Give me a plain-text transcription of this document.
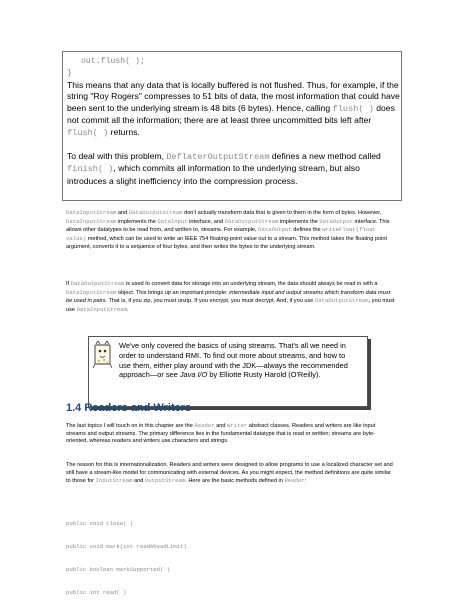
out.flush( );
}

This means that any data that is locally buffered is not flushed. Thus, for example, if the string "Roy Rogers" compresses to 51 bits of data, the most information that could have been sent to the underlying stream is 48 bits (6 bytes). Hence, calling flush( ) does not commit all the information; there are at least three uncommitted bits left after flush( ) returns.

To deal with this problem, DeflaterOutputStream defines a new method called finish( ), which commits all information to the underlying stream, but also introduces a slight inefficiency into the compression process.

DataInputStream and DataOutputStream don't actually transform data that is given to them in the form of bytes. However, DataInputStream implements the DataInput interface, and DataOutputStream implements the DataOutput interface. This allows other datatypes to be read from, and written to, streams. For example, DataOutput defines the writeFloat(float value) method, which can be used to write an IEEE 754 floating-point value out to a stream. This method takes the floating point argument, converts it to a sequence of four bytes, and then writes the bytes to the underlying stream.

If DataOutputStream is used to convert data for storage into an underlying stream, the data should always be read in with a DataInputStream object. This brings up an important principle: intermediate input and output streams which transform data must be used in pairs. That is, if you zip, you must unzip. If you encrypt, you must decrypt. And, if you use DataOutputStream, you must use DataInputStream.

We've only covered the basics of using streams. That's all we need in order to understand RMI. To find out more about streams, and how to use them, either play around with the JDK—always the recommended approach—or see Java I/O by Elliotte Rusty Harold (O'Reilly).

1.4 Readers and Writers

The last topics I will touch on in this chapter are the Reader and Writer abstract classes. Readers and writers are like input streams and output streams. The primary difference lies in the fundamental datatype that is read or written; streams are byte-oriented, whereas readers and writers use characters and strings.

The reason for this is internationalization. Readers and writers were designed to allow programs to use a localized character set and still have a stream-like model for communicating with external devices. As you might expect, the method definitions are quite similar to those for InputStream and OutputStream. Here are the basic methods defined in Reader:

public void close( )

public void mark(int readAheadLimit)

public boolean markSupported( )

public int read( )
